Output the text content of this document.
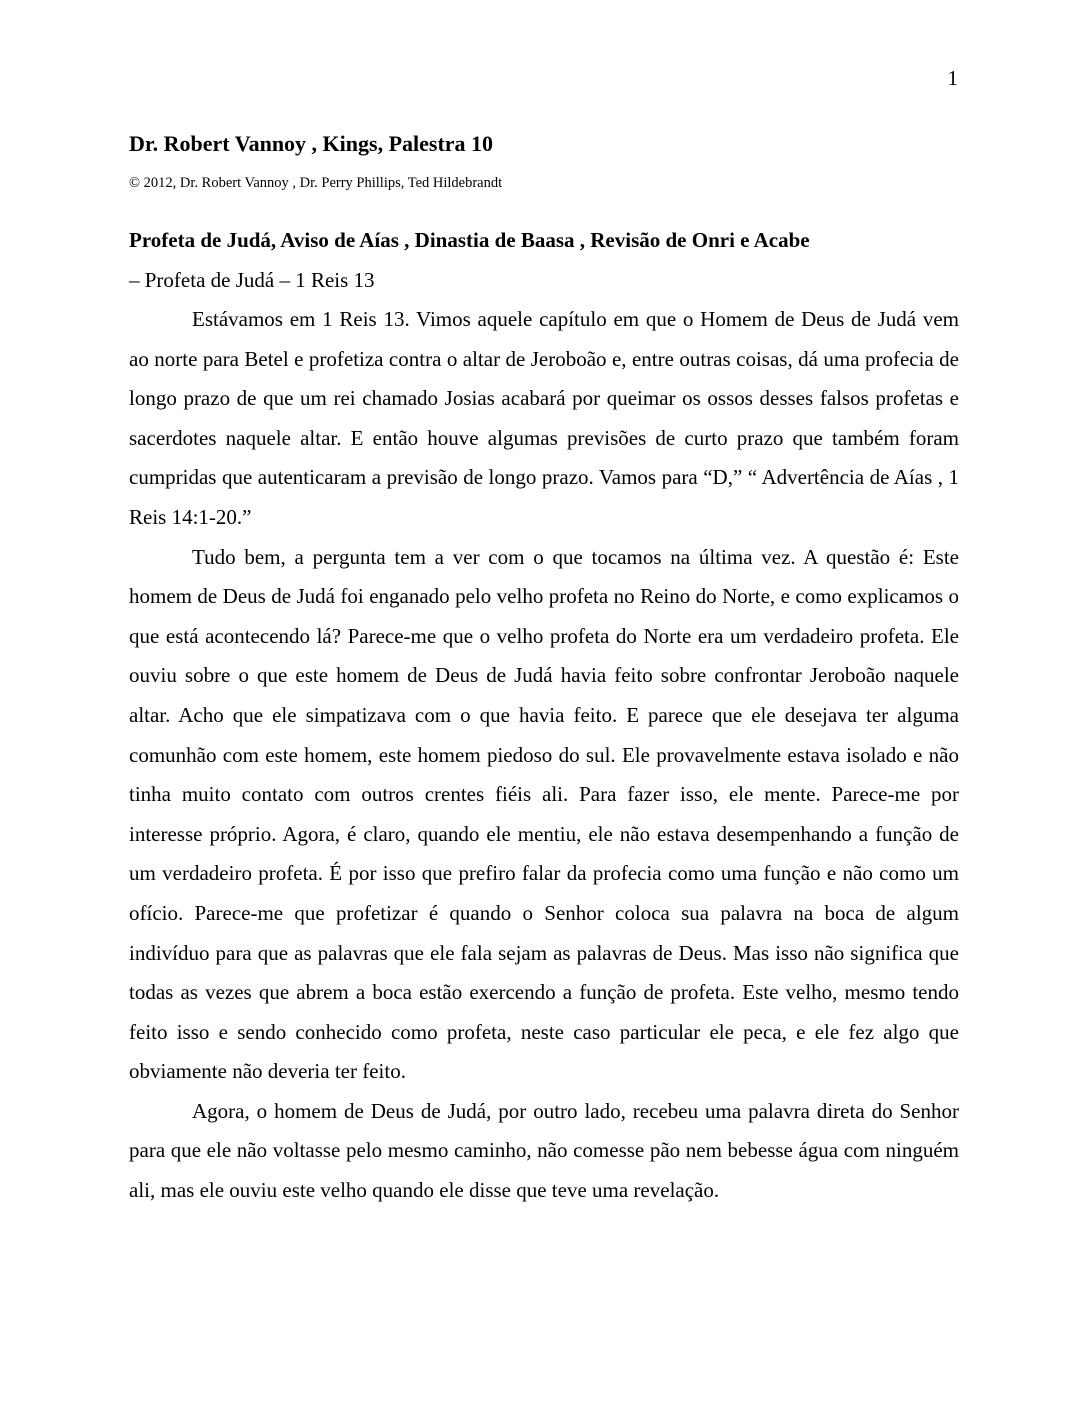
1
Dr. Robert Vannoy , Kings, Palestra 10
© 2012, Dr. Robert Vannoy , Dr. Perry Phillips, Ted Hildebrandt
Profeta de Judá, Aviso de Aías , Dinastia de Baasa , Revisão de Onri e Acabe
– Profeta de Judá – 1 Reis 13

Estávamos em 1 Reis 13. Vimos aquele capítulo em que o Homem de Deus de Judá vem ao norte para Betel e profetiza contra o altar de Jeroboão e, entre outras coisas, dá uma profecia de longo prazo de que um rei chamado Josias acabará por queimar os ossos desses falsos profetas e sacerdotes naquele altar. E então houve algumas previsões de curto prazo que também foram cumpridas que autenticaram a previsão de longo prazo. Vamos para “D,” “ Advertência de Aías , 1 Reis 14:1-20.”

Tudo bem, a pergunta tem a ver com o que tocamos na última vez. A questão é: Este homem de Deus de Judá foi enganado pelo velho profeta no Reino do Norte, e como explicamos o que está acontecendo lá? Parece-me que o velho profeta do Norte era um verdadeiro profeta. Ele ouviu sobre o que este homem de Deus de Judá havia feito sobre confrontar Jeroboão naquele altar. Acho que ele simpatizava com o que havia feito. E parece que ele desejava ter alguma comunhão com este homem, este homem piedoso do sul. Ele provavelmente estava isolado e não tinha muito contato com outros crentes fiéis ali. Para fazer isso, ele mente. Parece-me por interesse próprio. Agora, é claro, quando ele mentiu, ele não estava desempenhando a função de um verdadeiro profeta. É por isso que prefiro falar da profecia como uma função e não como um ofício. Parece-me que profetizar é quando o Senhor coloca sua palavra na boca de algum indivíduo para que as palavras que ele fala sejam as palavras de Deus. Mas isso não significa que todas as vezes que abrem a boca estão exercendo a função de profeta. Este velho, mesmo tendo feito isso e sendo conhecido como profeta, neste caso particular ele peca, e ele fez algo que obviamente não deveria ter feito.

Agora, o homem de Deus de Judá, por outro lado, recebeu uma palavra direta do Senhor para que ele não voltasse pelo mesmo caminho, não comesse pão nem bebesse água com ninguém ali, mas ele ouviu este velho quando ele disse que teve uma revelação.
